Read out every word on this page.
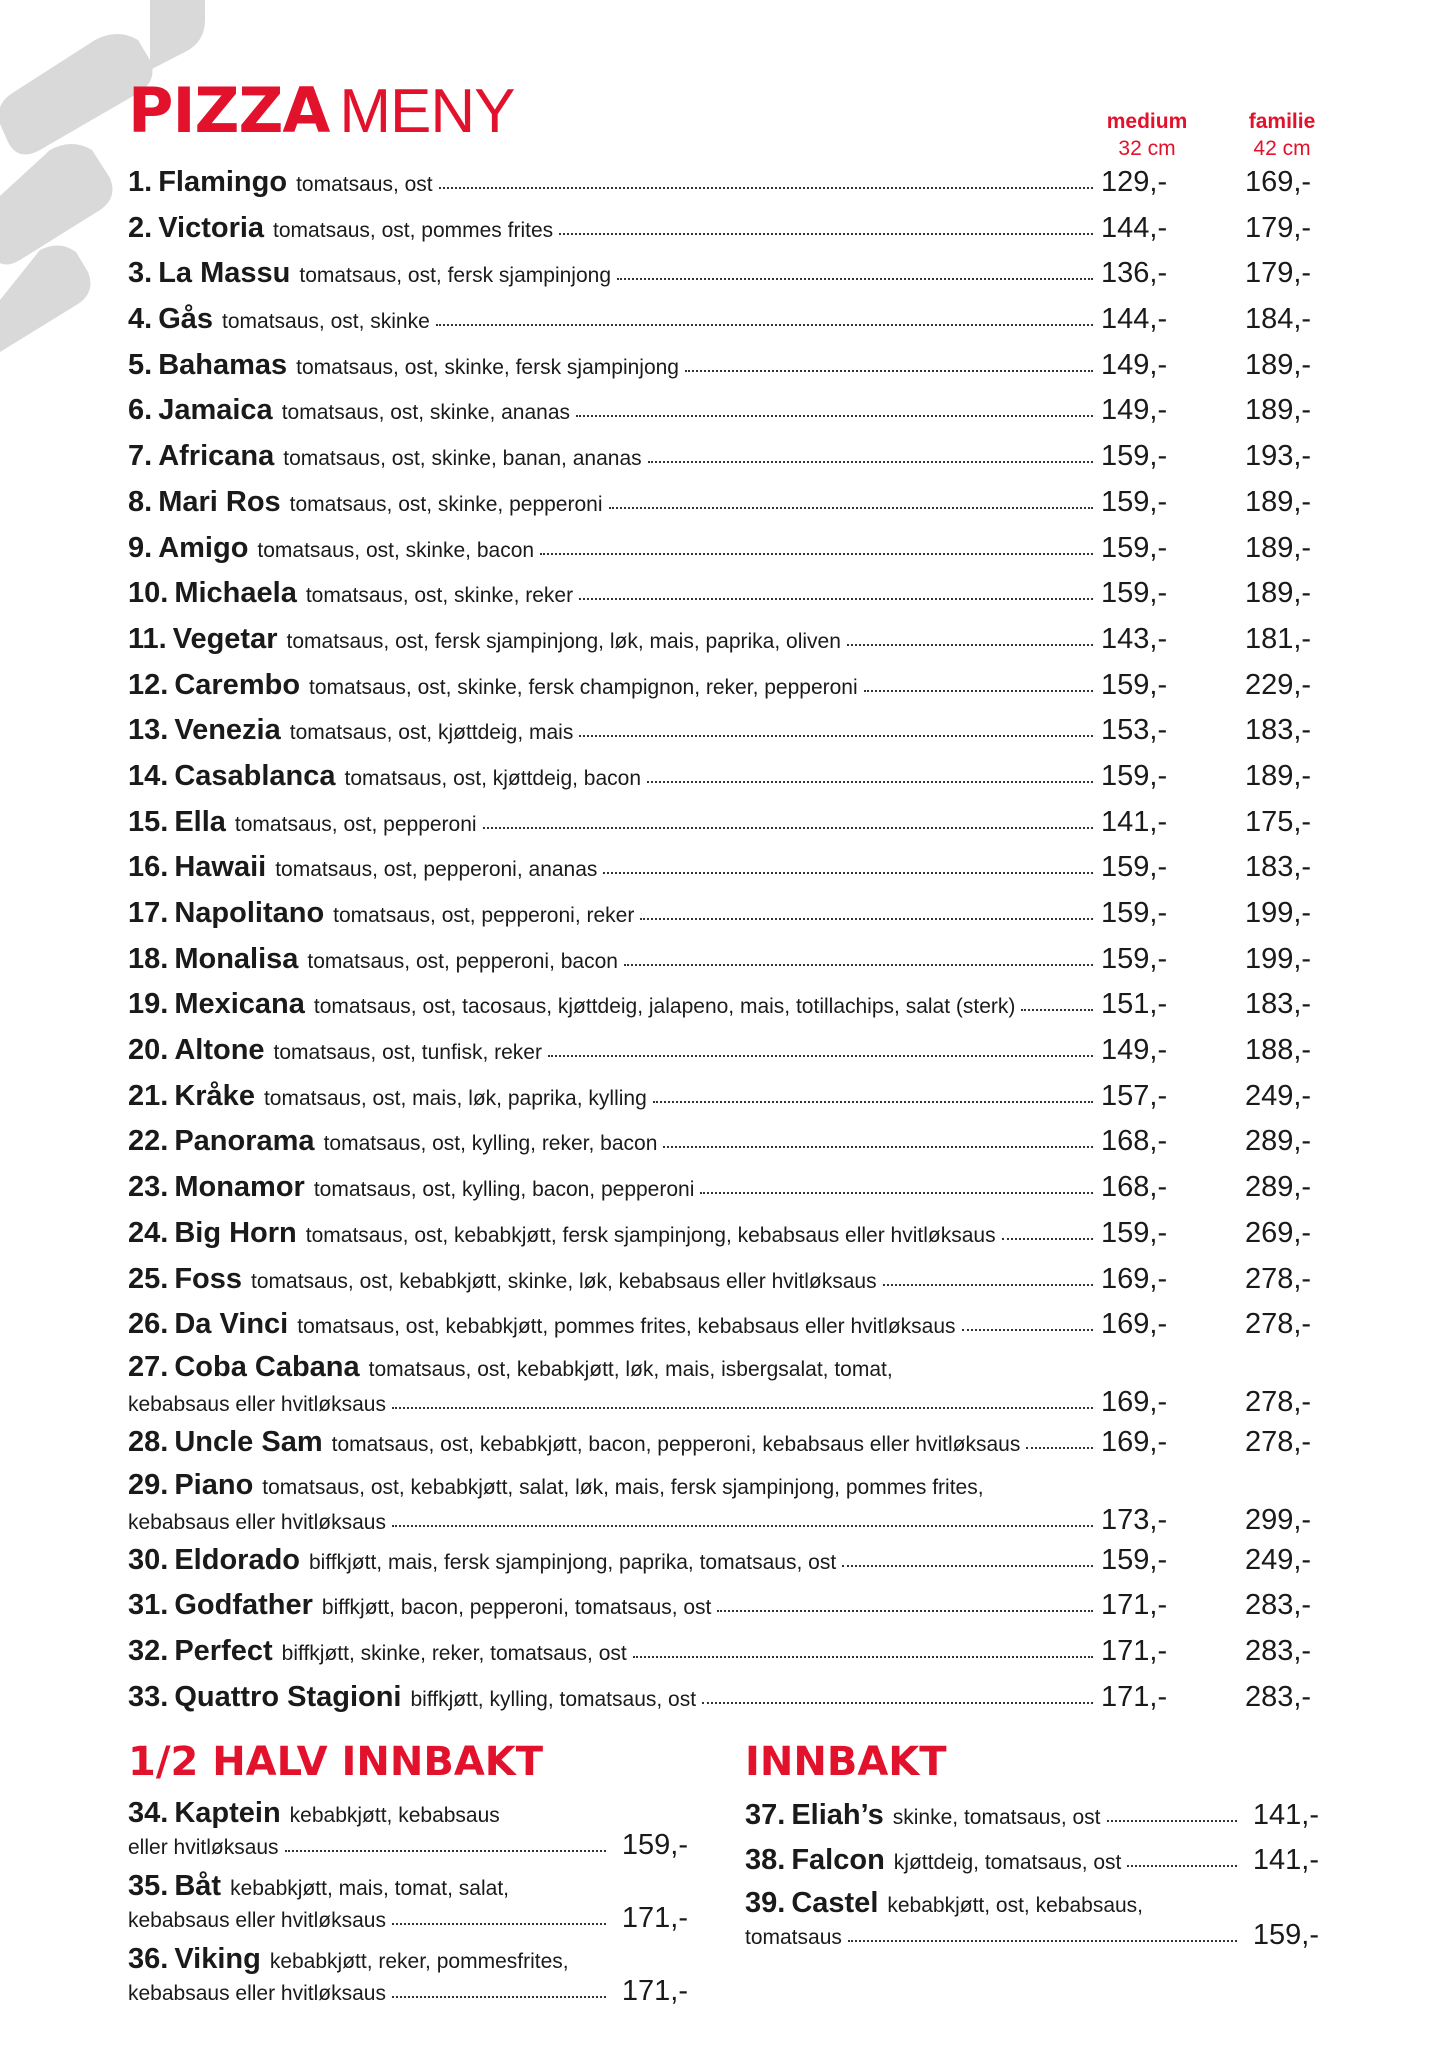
PIZZA MENY	medium
32 cm
familie
42 cm
1. Flamingo tomatsaus, ost	129,-	169,-
2. Victoria tomatsaus, ost, pommes frites	144,-	179,-
3. La Massu tomatsaus, ost, fersk sjampinjong	136,-	179,-
4. Gås tomatsaus, ost, skinke	144,-	184,-
5. Bahamas tomatsaus, ost, skinke, fersk sjampinjong	149,-	189,-
6. Jamaica tomatsaus, ost, skinke, ananas	149,-	189,-
7. Africana tomatsaus, ost, skinke, banan, ananas	159,-	193,-
8. Mari Ros tomatsaus, ost, skinke, pepperoni	159,-	189,-
9. Amigo tomatsaus, ost, skinke, bacon	159,-	189,-
10. Michaela tomatsaus, ost, skinke, reker	159,-	189,-
11. Vegetar tomatsaus, ost, fersk sjampinjong, løk, mais, paprika, oliven	143,-	181,-
12. Carembo tomatsaus, ost, skinke, fersk champignon, reker, pepperoni	159,-	229,-
13. Venezia tomatsaus, ost, kjøttdeig, mais	153,-	183,-
14. Casablanca tomatsaus, ost, kjøttdeig, bacon	159,-	189,-
15. Ella tomatsaus, ost, pepperoni	141,-	175,-
16. Hawaii tomatsaus, ost, pepperoni, ananas	159,-	183,-
17. Napolitano tomatsaus, ost, pepperoni, reker	159,-	199,-
18. Monalisa tomatsaus, ost, pepperoni, bacon	159,-	199,-
19. Mexicana tomatsaus, ost, tacosaus, kjøttdeig, jalapeno, mais, totillachips, salat (sterk)	151,-	183,-
20. Altone tomatsaus, ost, tunfisk, reker	149,-	188,-
21. Kråke tomatsaus, ost, mais, løk, paprika, kylling	157,-	249,-
22. Panorama tomatsaus, ost, kylling, reker, bacon	168,-	289,-
23. Monamor tomatsaus, ost, kylling, bacon, pepperoni	168,-	289,-
24. Big Horn tomatsaus, ost, kebabkjøtt, fersk sjampinjong, kebabsaus eller hvitløksaus	159,-	269,-
25. Foss tomatsaus, ost, kebabkjøtt, skinke, løk, kebabsaus eller hvitløksaus	169,-	278,-
26. Da Vinci tomatsaus, ost, kebabkjøtt, pommes frites, kebabsaus eller hvitløksaus	169,-	278,-
27. Coba Cabana tomatsaus, ost, kebabkjøtt, løk, mais, isbergsalat, tomat,
kebabsaus eller hvitløksaus	169,-	278,-
28. Uncle Sam tomatsaus, ost, kebabkjøtt, bacon, pepperoni, kebabsaus eller hvitløksaus	169,-	278,-
29. Piano tomatsaus, ost, kebabkjøtt, salat, løk, mais, fersk sjampinjong, pommes frites,
kebabsaus eller hvitløksaus	173,-	299,-
30. Eldorado biffkjøtt, mais, fersk sjampinjong, paprika, tomatsaus, ost	159,-	249,-
31. Godfather biffkjøtt, bacon, pepperoni, tomatsaus, ost	171,-	283,-
32. Perfect biffkjøtt, skinke, reker, tomatsaus, ost	171,-	283,-
33. Quattro Stagioni biffkjøtt, kylling, tomatsaus, ost	171,-	283,-
1/2 HALV INNBAKT	INNBAKT
34. Kaptein kebabkjøtt, kebabsaus
eller hvitløksaus	159,-
35. Båt kebabkjøtt, mais, tomat, salat,
kebabsaus eller hvitløksaus	171,-
36. Viking kebabkjøtt, reker, pommesfrites,
kebabsaus eller hvitløksaus	171,-
37. Eliah’s skinke, tomatsaus, ost	141,-
38. Falcon kjøttdeig, tomatsaus, ost	141,-
39. Castel kebabkjøtt, ost, kebabsaus,
tomatsaus	159,-
